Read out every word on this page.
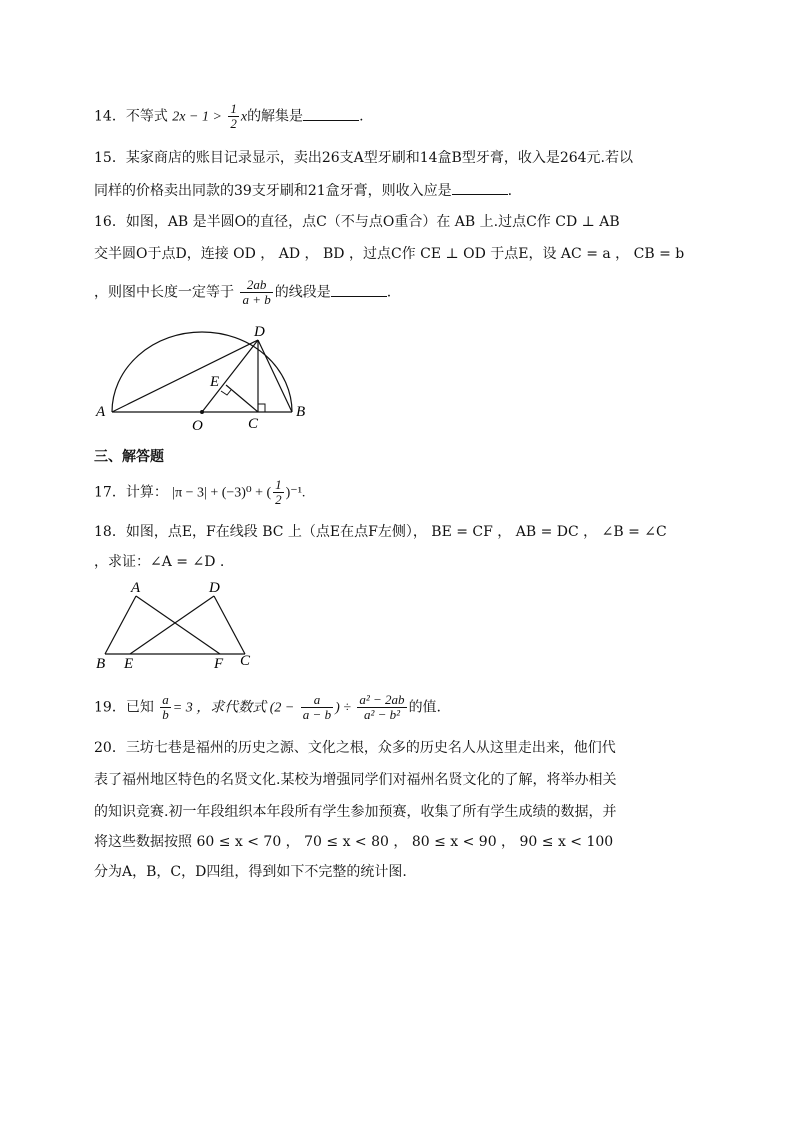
14．不等式 $2x - 1 > \frac{1}{2}$ x的解集是	.
15．某家商店的账目记录显示，卖出26支A型牙刷和14盒B型牙膏，收入是264元.若以
同样的价格卖出同款的39支牙刷和21盒牙膏，则收入应是	.
16．如图，AB 是半圆O的直径，点C（不与点O重合）在 AB 上.过点C作 CD ⊥ AB
交半圆O于点D，连接 OD ， AD ， BD ，过点C作 CE ⊥ OD 于点E，设 AC = a ， CB = b
，则图中长度一定等于 $\frac{2ab}{a + b}$ 的线段是	.
D
E
A	B
O	C
三、解答题
17．计算： |π − 3| + (−3)⁰ + ( $\frac{1}{2} )^{-1}$.
18．如图，点E，F在线段 BC 上（点E在点F左侧）， BE = CF ， AB = DC ， ∠B = ∠C
，求证：∠A = ∠D .
A	D
B E	F C
19．已知 $\frac{a}{b} = 3$ ，求代数式 ($2 - \frac{a}{a - b}$ ) ÷ $\frac{\text{a² − 2ab}}{\text{a² − b²}}$ 的值.
20．三坊七巷是福州的历史之源、文化之根，众多的历史名人从这里走出来，他们代
表了福州地区特色的名贤文化.某校为增强同学们对福州名贤文化的了解，将举办相关
的知识竞赛.初一年段组织本年段所有学生参加预赛，收集了所有学生成绩的数据，并
将这些数据按照 60 ≤ x < 70 ， 70 ≤ x < 80 ， 80 ≤ x < 90 ， 90 ≤ x < 100
分为A，B，C，D四组，得到如下不完整的统计图.
